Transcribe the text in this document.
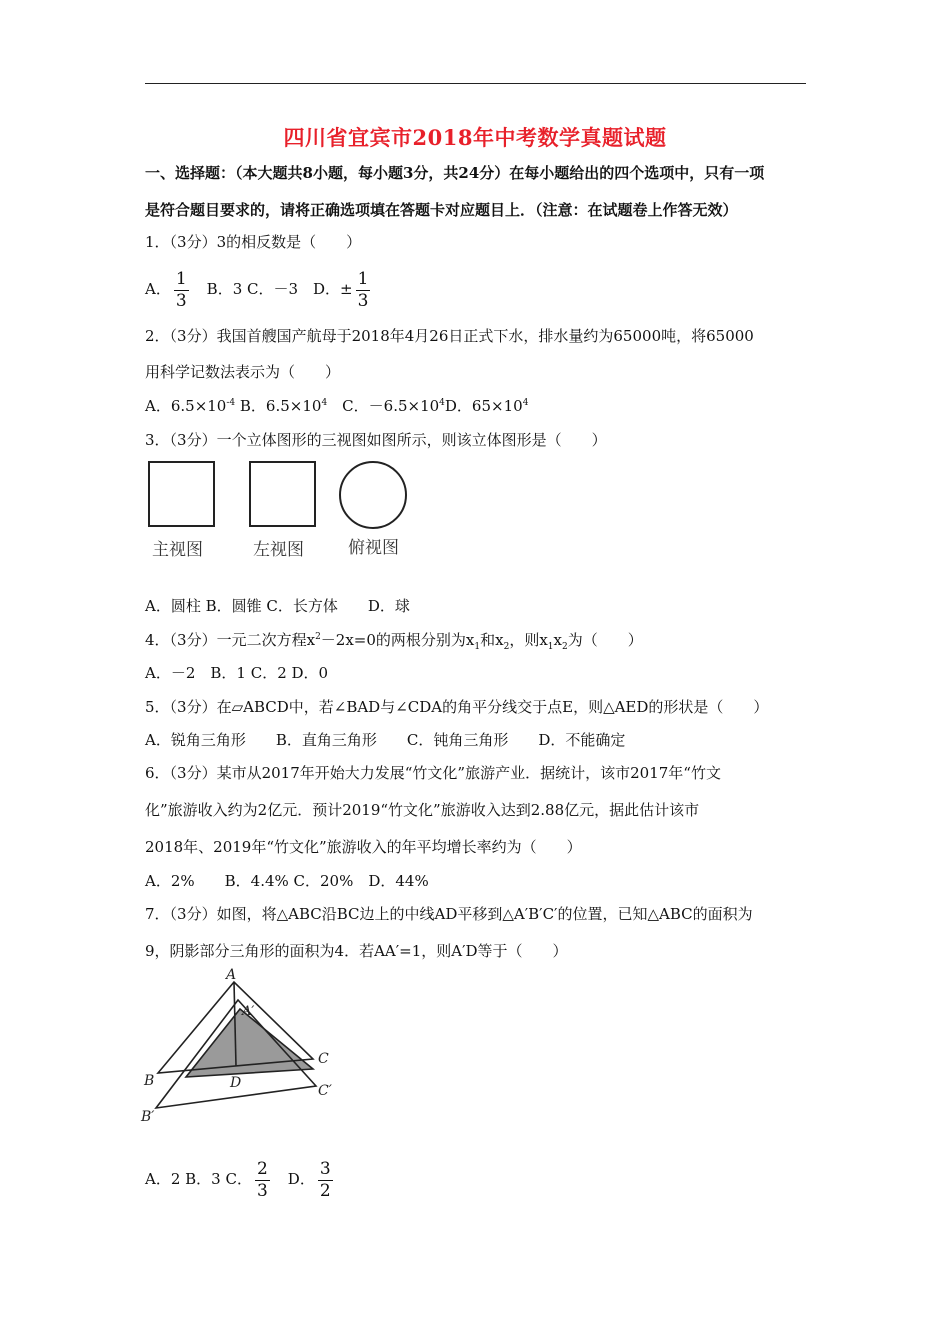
四川省宜宾市2018年中考数学真题试题
一、选择题：（本大题共8小题，每小题3分，共24分）在每小题给出的四个选项中，只有一项
是符合题目要求的，请将正确选项填在答题卡对应题目上．（注意：在试题卷上作答无效）
1．（3分）3的相反数是（　　）
A． $\frac{1}{3}$ 　B．3 C．－3　D．± $\frac{1}{3}$
2．（3分）我国首艘国产航母于2018年4月26日正式下水，排水量约为65000吨，将65000
用科学记数法表示为（　　）
A．$6.5\times 10^{-4}$ B．$6.5\times 10^4$　C．$-6.5\times 10^4D$．$65\times 10^4$
3．（3分）一个立体图形的三视图如图所示，则该立体图形是（　　）
主视图	左视图	俯视图
A．圆柱 B．圆锥 C．长方体　　D．球
4．（3分）一元二次方程$x^2-2x=0$的两根分别为$x_1$和$x_2$，则$x_1x_2$为（　　）
A．－2　B．1 C．2 D．0
5．（3分）在▱ABCD中，若∠BAD与∠CDA的角平分线交于点E，则△AED的形状是（　　）
A．锐角三角形　　B．直角三角形　　C．钝角三角形　　D．不能确定
6．（3分）某市从2017年开始大力发展“竹文化”旅游产业．据统计，该市2017年“竹文
化”旅游收入约为2亿元．预计2019“竹文化”旅游收入达到2.88亿元，据此估计该市
2018年、2019年“竹文化”旅游收入的年平均增长率约为（　　）
A．2%　　B．4.4% C．20%　D．44%
7．（3分）如图，将△ABC沿BC边上的中线AD平移到△A′B′C′的位置，已知△ABC的面积为
9，阴影部分三角形的面积为4．若AA′=1，则A′D等于（　　）
A
A′
B
B′
C
C′
D
A．2 B．3 C． $\frac{2}{3}$ 　D． $\frac{3}{2}$
